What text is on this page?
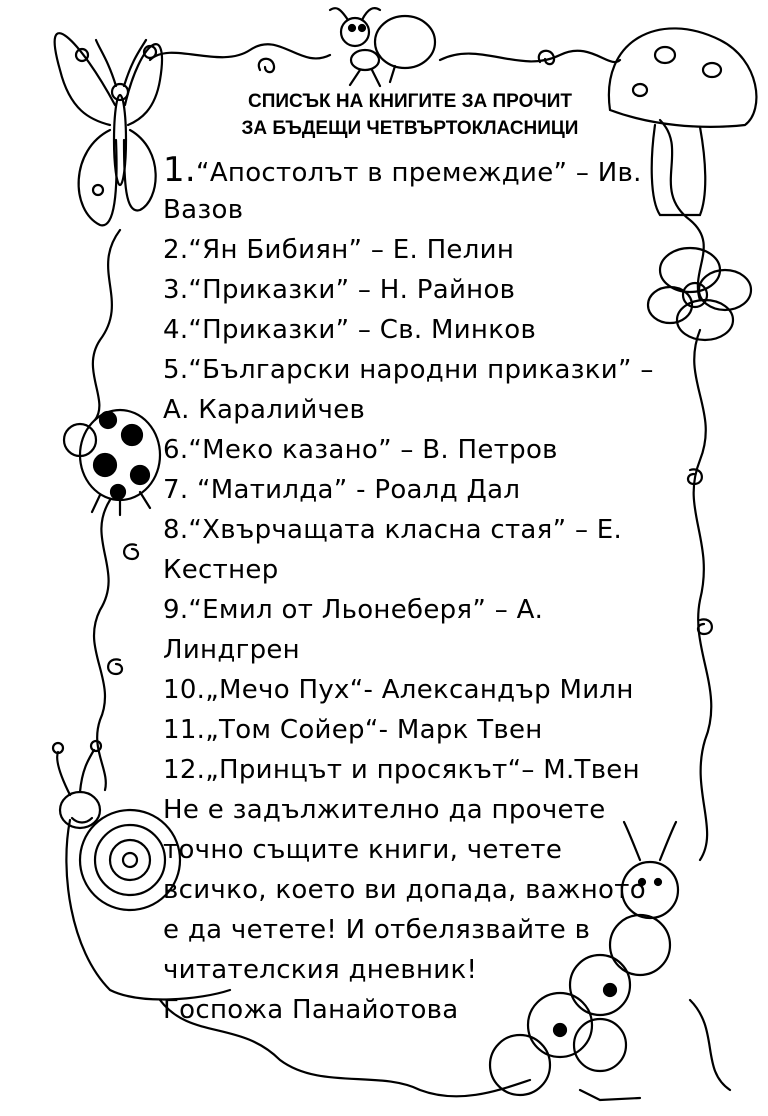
СПИСЪК НА КНИГИТЕ ЗА ПРОЧИТ
ЗА БЪДЕЩИ ЧЕТВЪРТОКЛАСНИЦИ
1.“Апостолът в премеждие” – Ив.
Вазов
2.“Ян Бибиян” – Е. Пелин
3.“Приказки” – Н. Райнов
4.“Приказки” – Св. Минков
5.“Български народни приказки” –
А. Каралийчев
6.“Меко казано” – В. Петров
7. “Матилда” - Роалд Дал
8.“Хвърчащата класна стая” – Е.
Кестнер
9.“Емил от Льонеберя” – А.
Линдгрен
10.„Мечо Пух“- Александър Милн
11.„Том Сойер“- Марк Твен
12.„Принцът и просякът“– М.Твен
Не е задължително да прочете
точно същите книги, четете
всичко, което ви допада, важното
е да четете! И отбелязвайте в
читателския дневник!
Госпожа Панайотова
